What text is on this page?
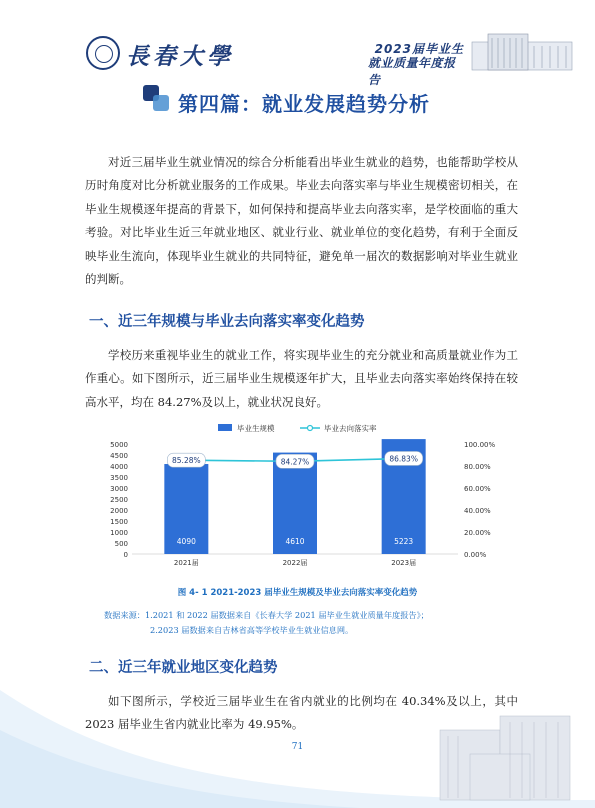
長春大學	2023届毕业生
就业质量年度报告
第四篇：就业发展趋势分析

对近三届毕业生就业情况的综合分析能看出毕业生就业的趋势，也能帮助学校从历时角度对比分析就业服务的工作成果。毕业去向落实率与毕业生规模密切相关，在毕业生规模逐年提高的背景下，如何保持和提高毕业去向落实率，是学校面临的重大考验。对比毕业生近三年就业地区、就业行业、就业单位的变化趋势，有利于全面反映毕业生流向，体现毕业生就业的共同特征，避免单一届次的数据影响对毕业生就业的判断。

一、近三年规模与毕业去向落实率变化趋势

学校历来重视毕业生的就业工作，将实现毕业生的充分就业和高质量就业作为工作重心。如下图所示，近三届毕业生规模逐年扩大，且毕业去向落实率始终保持在较高水平，均在 84.27%及以上，就业状况良好。

毕业生规模	毕业去向落实率
0
500
1000
1500
2000
2500
3000
3500
4000
4500
5000
0.00%
20.00%
40.00%
60.00%
80.00%
100.00%
4090
2021届
4610
2022届
5223
2023届
85.28%	84.27%	86.83%
图 4- 1 2021-2023 届毕业生规模及毕业去向落实率变化趋势
数据来源：1.2021 和 2022 届数据来自《长春大学 2021 届毕业生就业质量年度报告》；
2.2023 届数据来自吉林省高等学校毕业生就业信息网。
二、近三年就业地区变化趋势

如下图所示，学校近三届毕业生在省内就业的比例均在 40.34%及以上，其中2023 届毕业生省内就业比率为 49.95%。

71
